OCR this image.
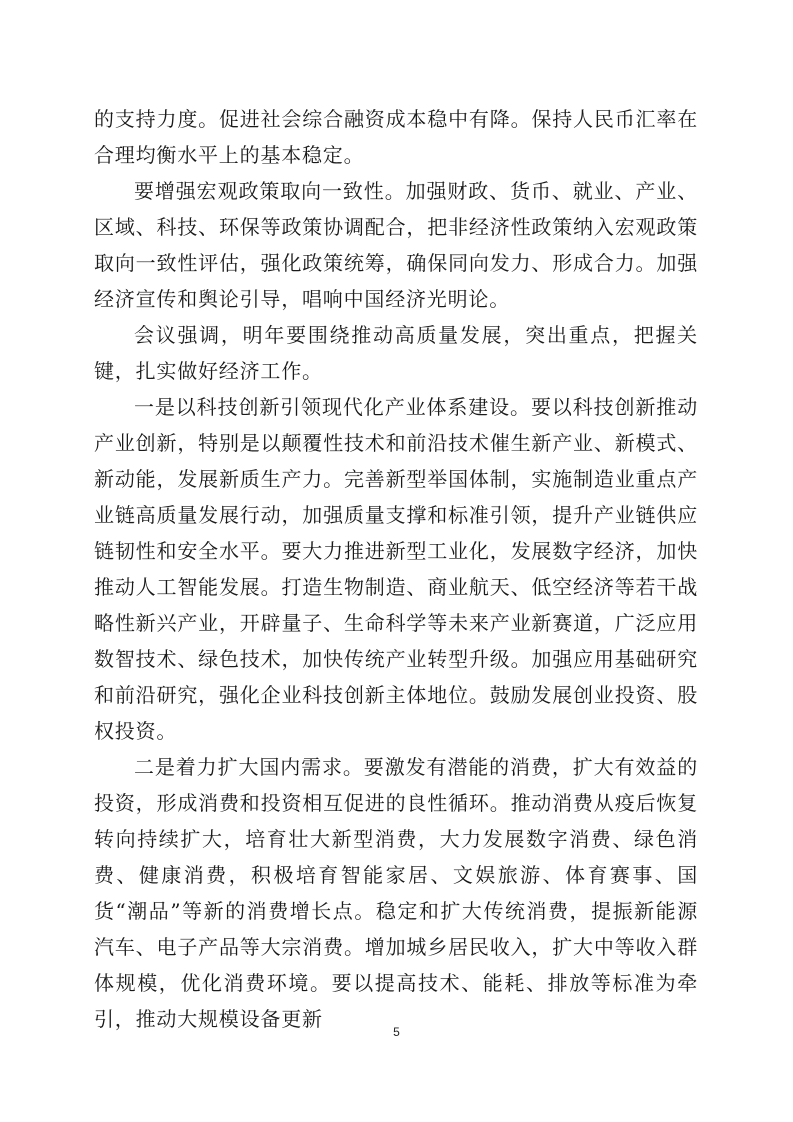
的支持力度。促进社会综合融资成本稳中有降。保持人民币汇率在合理均衡水平上的基本稳定。

要增强宏观政策取向一致性。加强财政、货币、就业、产业、区域、科技、环保等政策协调配合，把非经济性政策纳入宏观政策取向一致性评估，强化政策统筹，确保同向发力、形成合力。加强经济宣传和舆论引导，唱响中国经济光明论。

会议强调，明年要围绕推动高质量发展，突出重点，把握关键，扎实做好经济工作。

一是以科技创新引领现代化产业体系建设。要以科技创新推动产业创新，特别是以颠覆性技术和前沿技术催生新产业、新模式、新动能，发展新质生产力。完善新型举国体制，实施制造业重点产业链高质量发展行动，加强质量支撑和标准引领，提升产业链供应链韧性和安全水平。要大力推进新型工业化，发展数字经济，加快推动人工智能发展。打造生物制造、商业航天、低空经济等若干战略性新兴产业，开辟量子、生命科学等未来产业新赛道，广泛应用数智技术、绿色技术，加快传统产业转型升级。加强应用基础研究和前沿研究，强化企业科技创新主体地位。鼓励发展创业投资、股权投资。

二是着力扩大国内需求。要激发有潜能的消费，扩大有效益的投资，形成消费和投资相互促进的良性循环。推动消费从疫后恢复转向持续扩大，培育壮大新型消费，大力发展数字消费、绿色消费、健康消费，积极培育智能家居、文娱旅游、体育赛事、国货“潮品”等新的消费增长点。稳定和扩大传统消费，提振新能源汽车、电子产品等大宗消费。增加城乡居民收入，扩大中等收入群体规模，优化消费环境。要以提高技术、能耗、排放等标准为牵引，推动大规模设备更新

5
